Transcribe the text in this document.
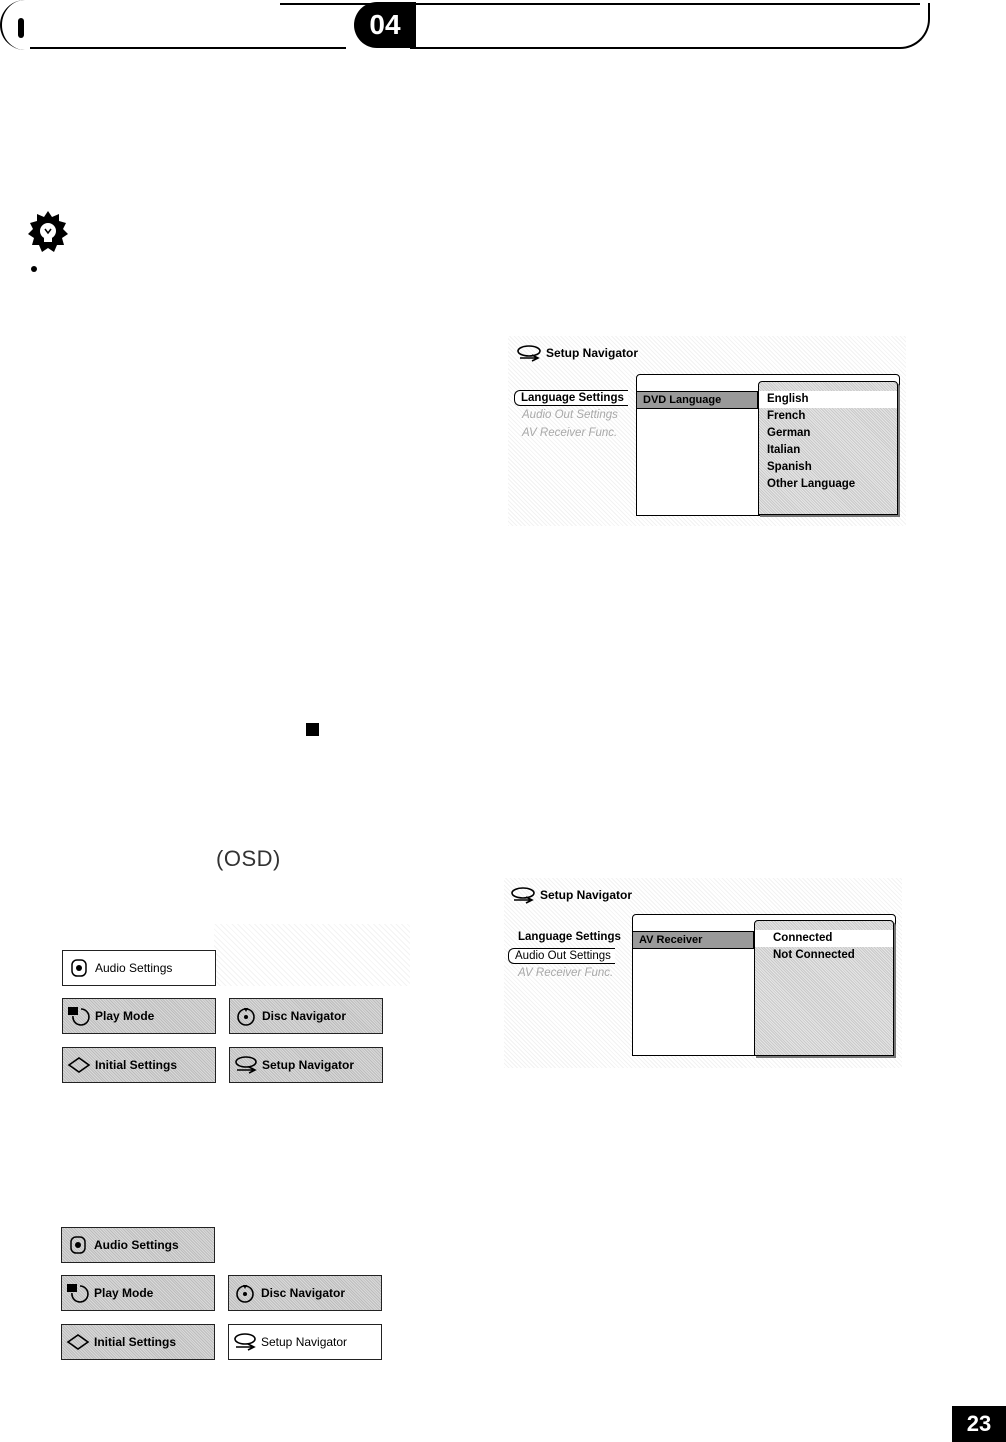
04
Setup Navigator
Language Settings
Audio Out Settings
AV Receiver Func.
DVD Language	English
French
German
Italian
Spanish
Other Language
(OSD)
Setup Navigator
Language Settings
Audio Out Settings
AV Receiver Func.
AV Receiver	Connected
Not Connected
Audio Settings
Play Mode	Disc Navigator
Initial Settings	Setup Navigator
Audio Settings
Play Mode	Disc Navigator
Initial Settings	Setup Navigator
23
